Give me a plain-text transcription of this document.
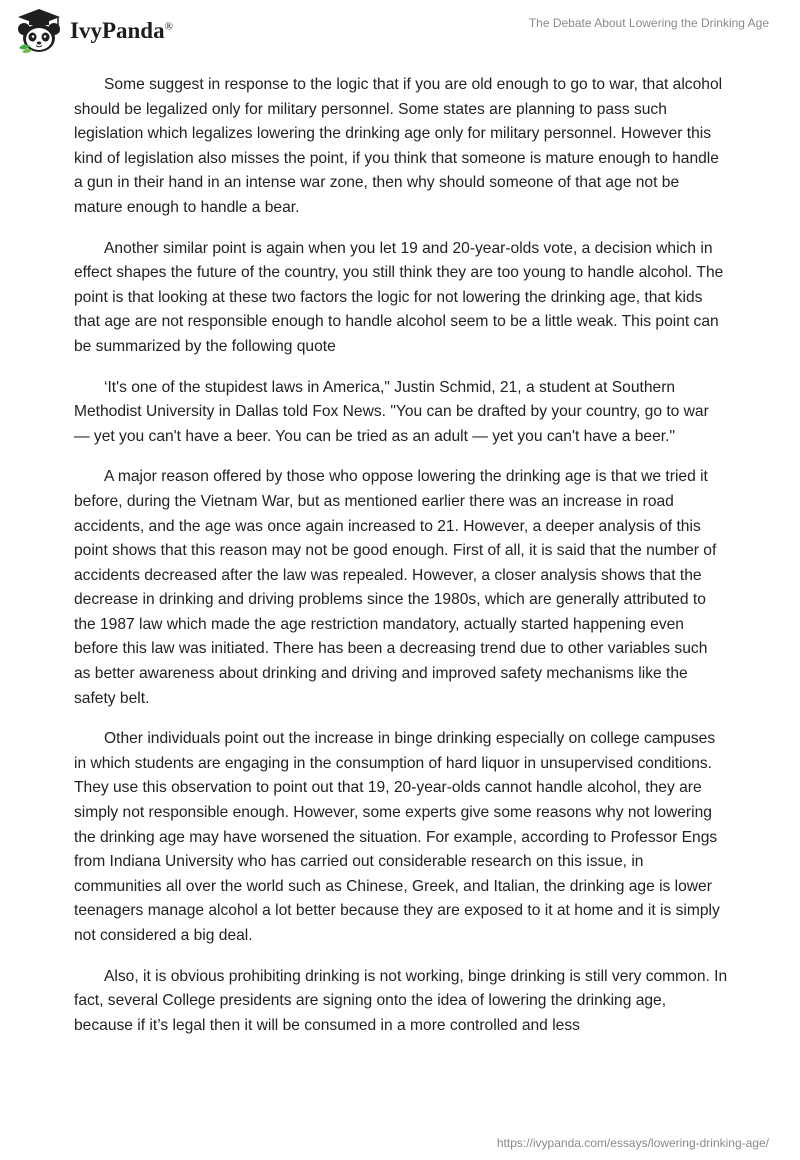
IvyPanda®	The Debate About Lowering the Drinking Age

Some suggest in response to the logic that if you are old enough to go to war, that alcohol should be legalized only for military personnel. Some states are planning to pass such legislation which legalizes lowering the drinking age only for military personnel. However this kind of legislation also misses the point, if you think that someone is mature enough to handle a gun in their hand in an intense war zone, then why should someone of that age not be mature enough to handle a bear.

Another similar point is again when you let 19 and 20-year-olds vote, a decision which in effect shapes the future of the country, you still think they are too young to handle alcohol. The point is that looking at these two factors the logic for not lowering the drinking age, that kids that age are not responsible enough to handle alcohol seem to be a little weak. This point can be summarized by the following quote

‘It's one of the stupidest laws in America," Justin Schmid, 21, a student at Southern Methodist University in Dallas told Fox News. "You can be drafted by your country, go to war — yet you can't have a beer. You can be tried as an adult — yet you can't have a beer."

A major reason offered by those who oppose lowering the drinking age is that we tried it before, during the Vietnam War, but as mentioned earlier there was an increase in road accidents, and the age was once again increased to 21. However, a deeper analysis of this point shows that this reason may not be good enough. First of all, it is said that the number of accidents decreased after the law was repealed. However, a closer analysis shows that the decrease in drinking and driving problems since the 1980s, which are generally attributed to the 1987 law which made the age restriction mandatory, actually started happening even before this law was initiated. There has been a decreasing trend due to other variables such as better awareness about drinking and driving and improved safety mechanisms like the safety belt.

Other individuals point out the increase in binge drinking especially on college campuses in which students are engaging in the consumption of hard liquor in unsupervised conditions. They use this observation to point out that 19, 20-year-olds cannot handle alcohol, they are simply not responsible enough. However, some experts give some reasons why not lowering the drinking age may have worsened the situation. For example, according to Professor Engs from Indiana University who has carried out considerable research on this issue, in communities all over the world such as Chinese, Greek, and Italian, the drinking age is lower teenagers manage alcohol a lot better because they are exposed to it at home and it is simply not considered a big deal.

Also, it is obvious prohibiting drinking is not working, binge drinking is still very common. In fact, several College presidents are signing onto the idea of lowering the drinking age, because if it’s legal then it will be consumed in a more controlled and less

https://ivypanda.com/essays/lowering-drinking-age/
